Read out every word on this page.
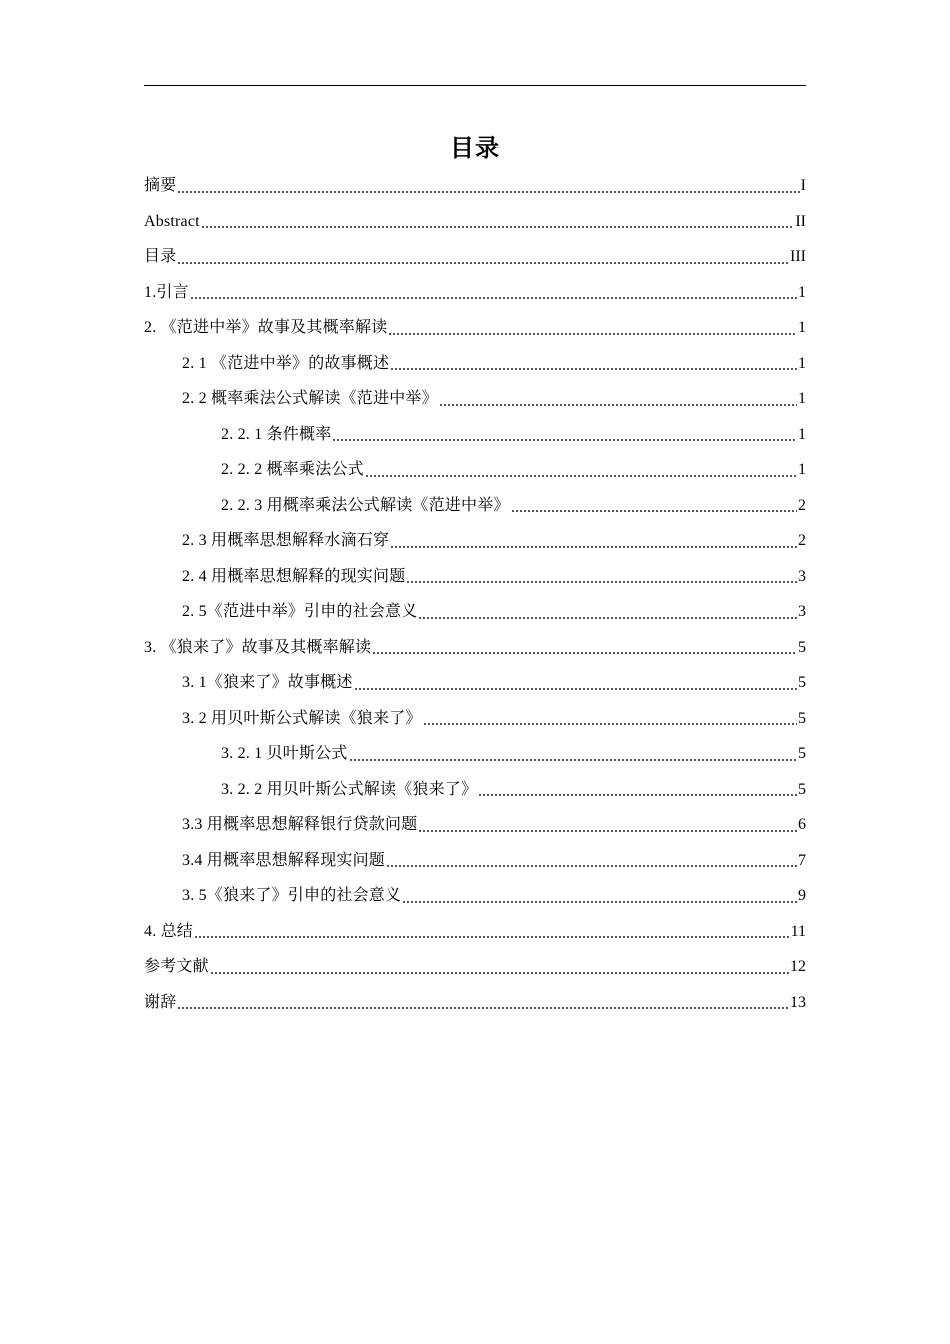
目录
摘要	I
Abstract	II
目录	III
1.引言	1
2. 《范进中举》故事及其概率解读	1
2. 1 《范进中举》的故事概述	1
2. 2 概率乘法公式解读《范进中举》	1
2. 2. 1 条件概率	1
2. 2. 2 概率乘法公式	1
2. 2. 3 用概率乘法公式解读《范进中举》	2
2. 3 用概率思想解释水滴石穿	2
2. 4 用概率思想解释的现实问题	3
2. 5《范进中举》引申的社会意义	3
3. 《狼来了》故事及其概率解读	5
3. 1《狼来了》故事概述	5
3. 2 用贝叶斯公式解读《狼来了》	5
3. 2. 1 贝叶斯公式	5
3. 2. 2 用贝叶斯公式解读《狼来了》	5
3.3 用概率思想解释银行贷款问题	6
3.4 用概率思想解释现实问题	7
3. 5《狼来了》引申的社会意义	9
4. 总结	11
参考文献	12
谢辞	13
